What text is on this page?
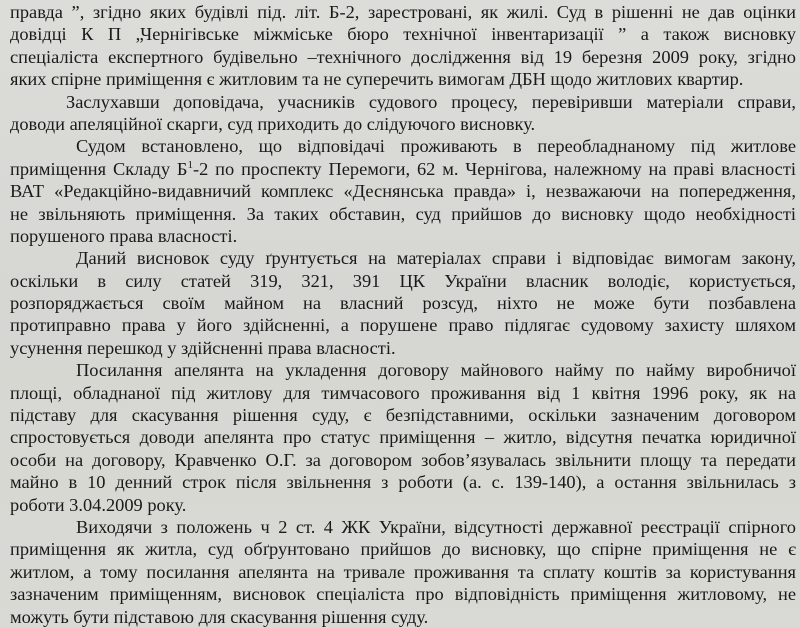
правда ”, згідно яких будівлі під. літ. Б-2, зарестровані, як жилі. Суд в рішенні не дав оцінки
довідці К П „Чернігівське міжміське бюро технічної інвентаризації ” а також висновку
спеціаліста експертного будівельно –технічного дослідження від 19 березня 2009 року, згідно
яких спірне приміщення є житловим та не суперечить вимогам ДБН щодо житлових квартир.
Заслухавши доповідача, учасників судового процесу, перевіривши матеріали справи,
доводи апеляційної скарги, суд приходить до слідуючого висновку.
Судом встановлено, що відповідачі проживають в переобладнаному під житлове
приміщення Складу $Б^1-2$ по проспекту Перемоги, 62 м. Чернігова, належному на праві власності
ВАТ «Редакційно-видавничий комплекс «Деснянська правда» і, незважаючи на попередження,
не звільняють приміщення. За таких обставин, суд прийшов до висновку щодо необхідності
порушеного права власності.
Даний висновок суду ґрунтується на матеріалах справи і відповідає вимогам закону,
оскільки в силу статей 319, 321, 391 ЦК України власник володіє, користується,
розпоряджається своїм майном на власний розсуд, ніхто не може бути позбавлена
протиправно права у його здійсненні, а порушене право підлягає судовому захисту шляхом
усунення перешкод у здійсненні права власності.
Посилання апелянта на укладення договору майнового найму по найму виробничої
площі, обладнаної під житлову для тимчасового проживання від 1 квітня 1996 року, як на
підставу для скасування рішення суду, є безпідставними, оскільки зазначеним договором
спростовується доводи апелянта про статус приміщення – житло, відсутня печатка юридичної
особи на договору, Кравченко О.Г. за договором зобов’язувалась звільнити площу та передати
майно в 10 денний строк після звільнення з роботи (а. с. 139-140), а остання звільнилась з
роботи 3.04.2009 року.
Виходячи з положень ч 2 ст. 4 ЖК України, відсутності державної реєстрації спірного
приміщення як житла, суд обґрунтовано прийшов до висновку, що спірне приміщення не є
житлом, а тому посилання апелянта на тривале проживання та сплату коштів за користування
зазначеним приміщенням, висновок спеціаліста про відповідність приміщення житловому, не
можуть бути підставою для скасування рішення суду.
